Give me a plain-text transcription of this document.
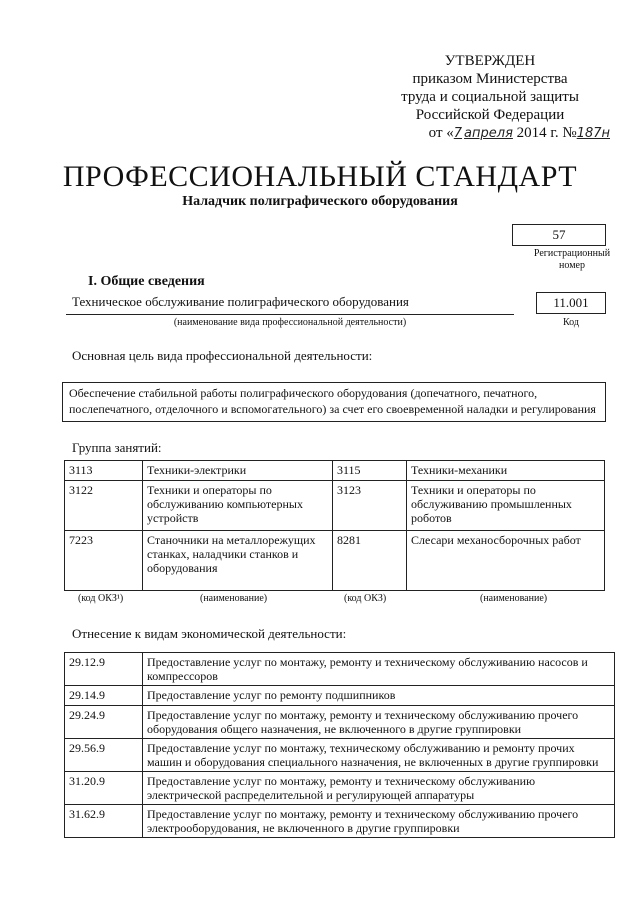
УТВЕРЖДЕН
приказом Министерства
труда и социальной защиты
Российской Федерации
от «7 апреля 2014 г. №187н
ПРОФЕССИОНАЛЬНЫЙ СТАНДАРТ
Наладчик полиграфического оборудования
57
Регистрационный номер
I. Общие сведения
Техническое обслуживание полиграфического оборудования
(наименование вида профессиональной деятельности)
11.001
Код
Основная цель вида профессиональной деятельности:
Обеспечение стабильной работы полиграфического оборудования (допечатного, печатного, послепечатного, отделочного и вспомогательного) за счет его своевременной наладки и регулирования
Группа занятий:
3113	Техники-электрики	3115	Техники-механики
3122	Техники и операторы по обслуживанию компьютерных устройств	3123	Техники и операторы по обслуживанию промышленных роботов
7223	Станочники на металлорежущих станках, наладчики станков и оборудования	8281	Слесари механосборочных работ
(код ОКЗ¹)	(наименование)	(код ОКЗ)	(наименование)
Отнесение к видам экономической деятельности:
29.12.9	Предоставление услуг по монтажу, ремонту и техническому обслуживанию насосов и компрессоров
29.14.9	Предоставление услуг по ремонту подшипников
29.24.9	Предоставление услуг по монтажу, ремонту и техническому обслуживанию прочего оборудования общего назначения, не включенного в другие группировки
29.56.9	Предоставление услуг по монтажу, техническому обслуживанию и ремонту прочих машин и оборудования специального назначения, не включенных в другие группировки
31.20.9	Предоставление услуг по монтажу, ремонту и техническому обслуживанию электрической распределительной и регулирующей аппаратуры
31.62.9	Предоставление услуг по монтажу, ремонту и техническому обслуживанию прочего электрооборудования, не включенного в другие группировки
